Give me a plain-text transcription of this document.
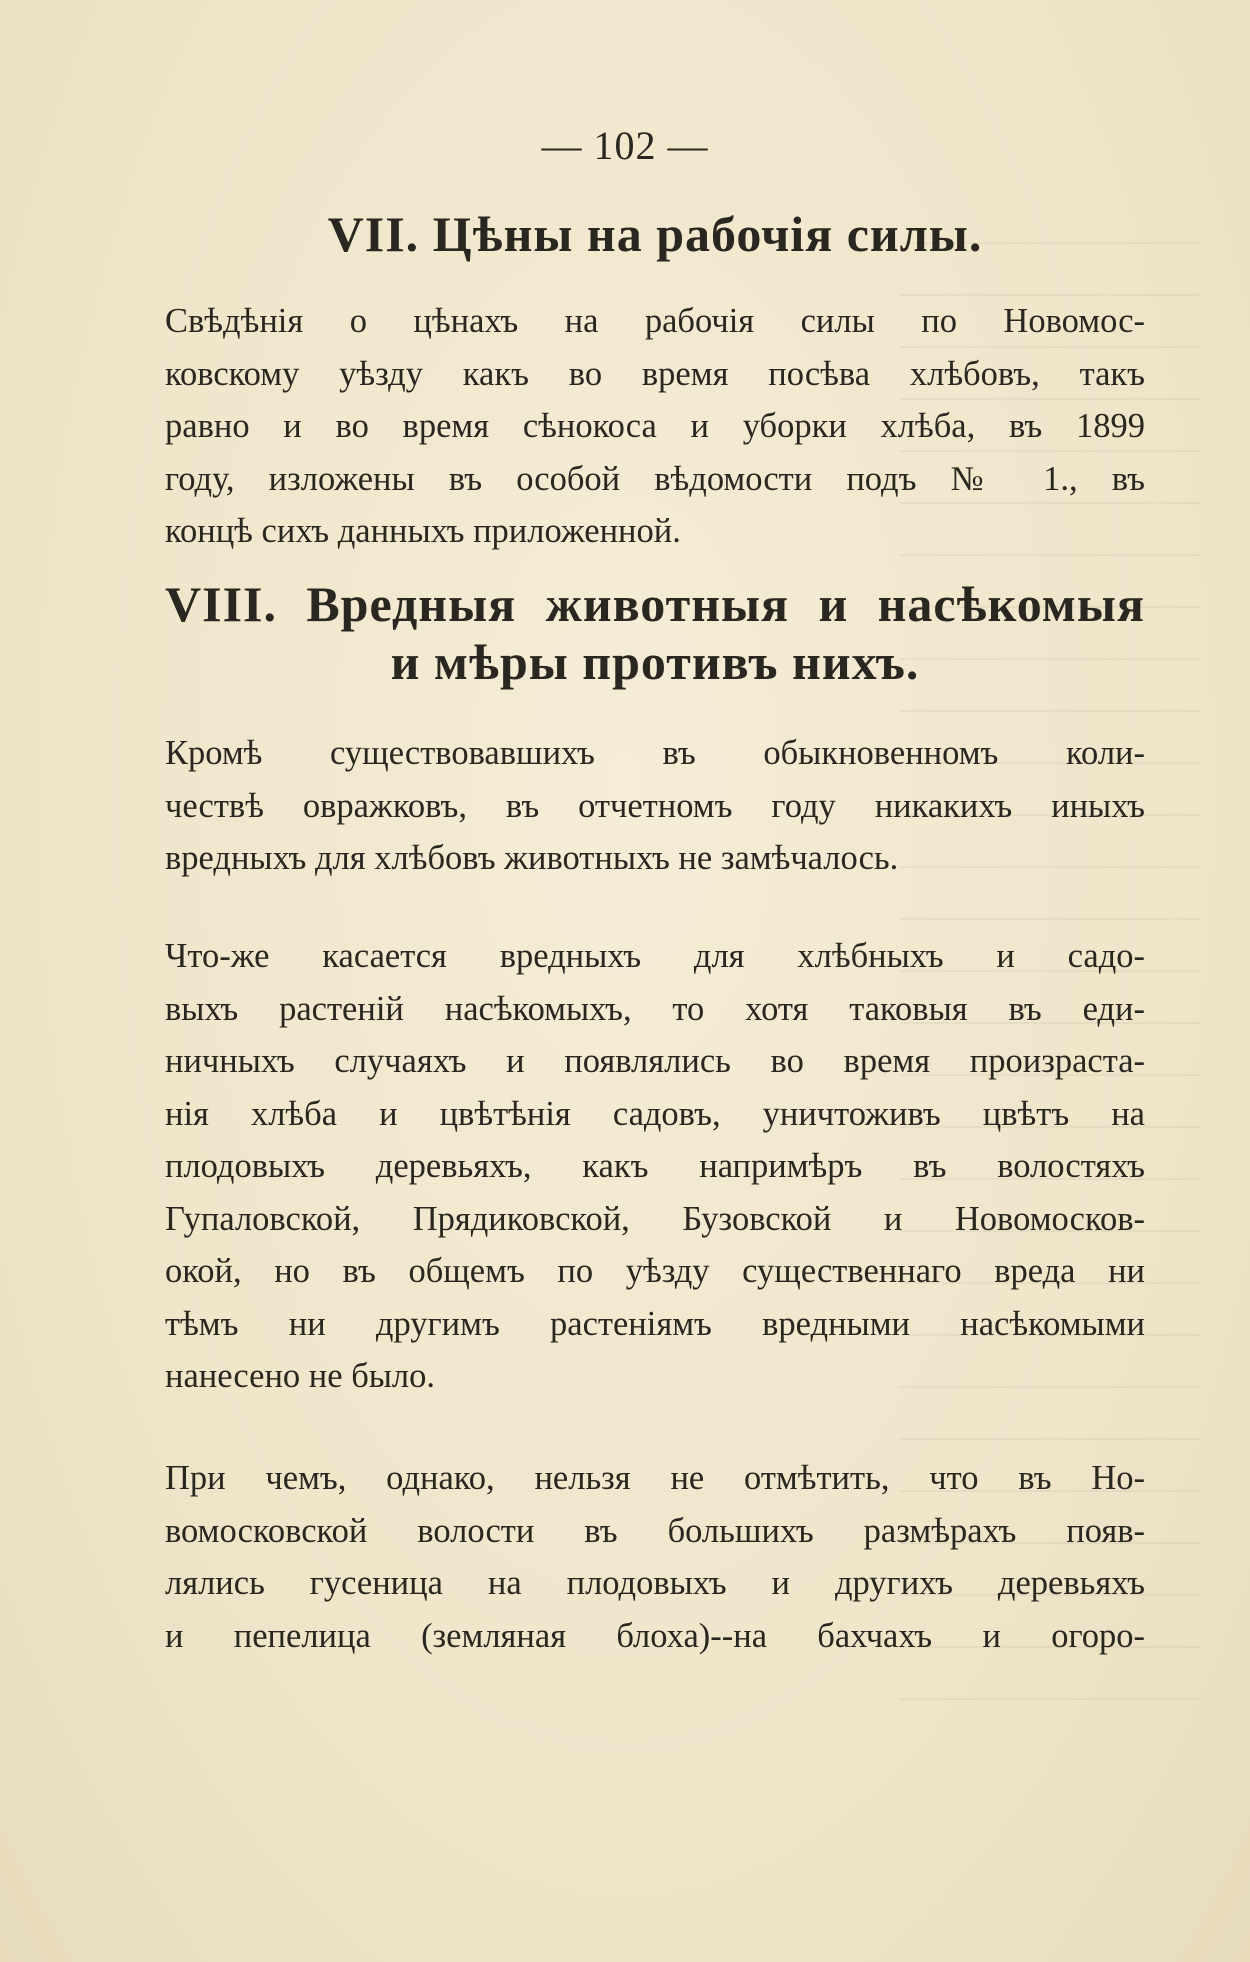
— 102 —
VII. Цѣны на рабочія силы.
Свѣдѣнія о цѣнахъ на рабочія силы по Новомос-
ковскому уѣзду какъ во время посѣва хлѣбовъ, такъ
равно и во время сѣнокоса и уборки хлѣба, въ 1899
году, изложены въ особой вѣдомости подъ № 1., въ
концѣ сихъ данныхъ приложенной.
VIII. Вредныя животныя и насѣкомыя
и мѣры противъ нихъ.
Кромѣ существовавшихъ въ обыкновенномъ коли-
чествѣ овражковъ, въ отчетномъ году никакихъ иныхъ
вредныхъ для хлѣбовъ животныхъ не замѣчалось.
Что-же касается вредныхъ для хлѣбныхъ и садо-
выхъ растеній насѣкомыхъ, то хотя таковыя въ еди-
ничныхъ случаяхъ и появлялись во время произраста-
нія хлѣба и цвѣтѣнія садовъ, уничтоживъ цвѣтъ на
плодовыхъ деревьяхъ, какъ напримѣръ въ волостяхъ
Гупаловской, Прядиковской, Бузовской и Новомосков-
окой, но въ общемъ по уѣзду существеннаго вреда ни
тѣмъ ни другимъ растеніямъ вредными насѣкомыми
нанесено не было.
При чемъ, однако, нельзя не отмѣтить, что въ Но-
вомосковской волости въ большихъ размѣрахъ появ-
лялись гусеница на плодовыхъ и другихъ деревьяхъ
и пепелица (земляная блоха)--на бахчахъ и огоро-
